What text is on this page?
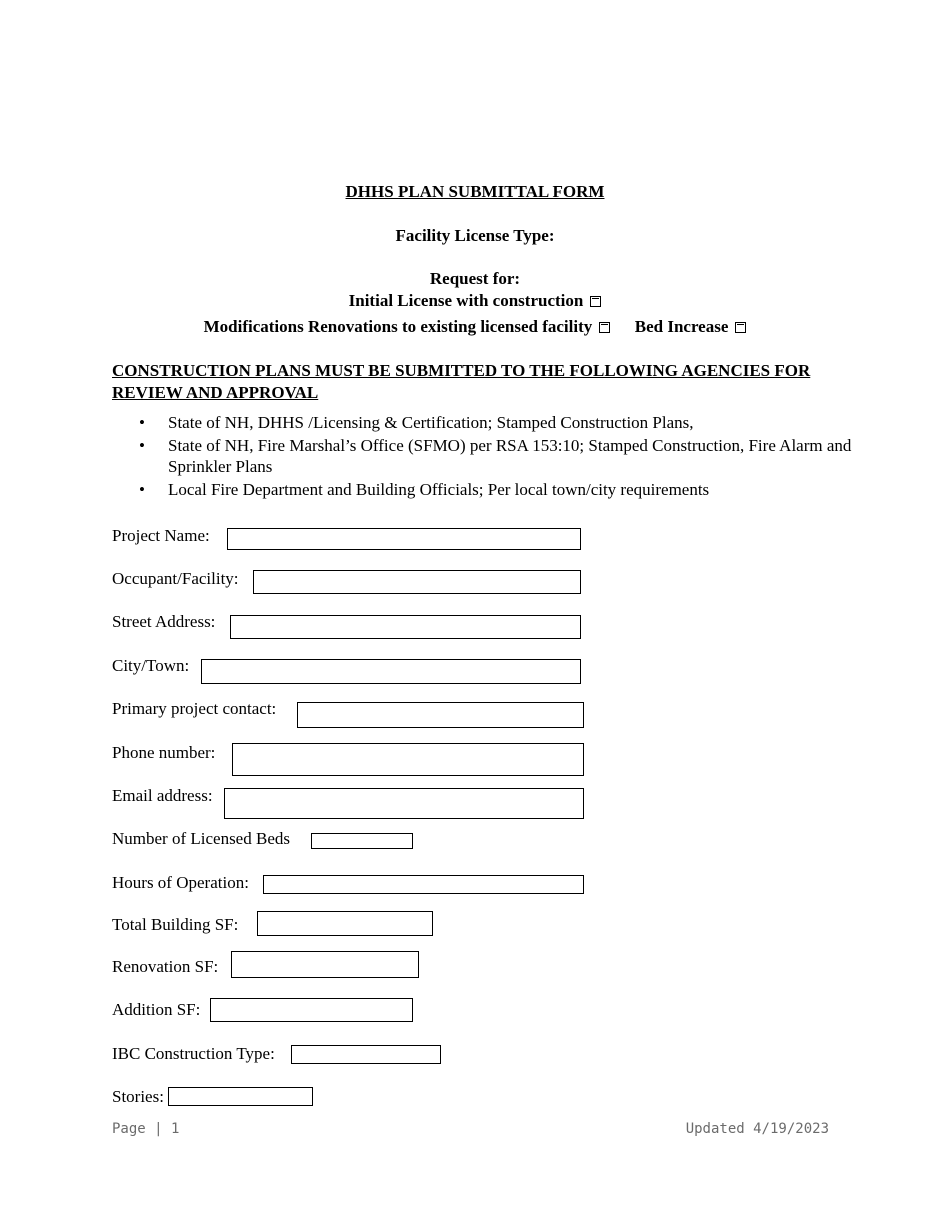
DHHS PLAN SUBMITTAL FORM
Facility License Type:
Request for:
Initial License with construction
Modifications Renovations to existing licensed facility	Bed Increase
CONSTRUCTION PLANS MUST BE SUBMITTED TO THE FOLLOWING AGENCIES FOR REVIEW AND APPROVAL
• State of NH, DHHS /Licensing & Certification; Stamped Construction Plans,
• State of NH, Fire Marshal’s Office (SFMO) per RSA 153:10; Stamped Construction, Fire Alarm and Sprinkler Plans
• Local Fire Department and Building Officials; Per local town/city requirements
Project Name:
Occupant/Facility:
Street Address:
City/Town:
Primary project contact:
Phone number:
Email address:
Number of Licensed Beds
Hours of Operation:
Total Building SF:
Renovation SF:
Addition SF:
IBC Construction Type:
Stories:
Page | 1	Updated 4/19/2023
